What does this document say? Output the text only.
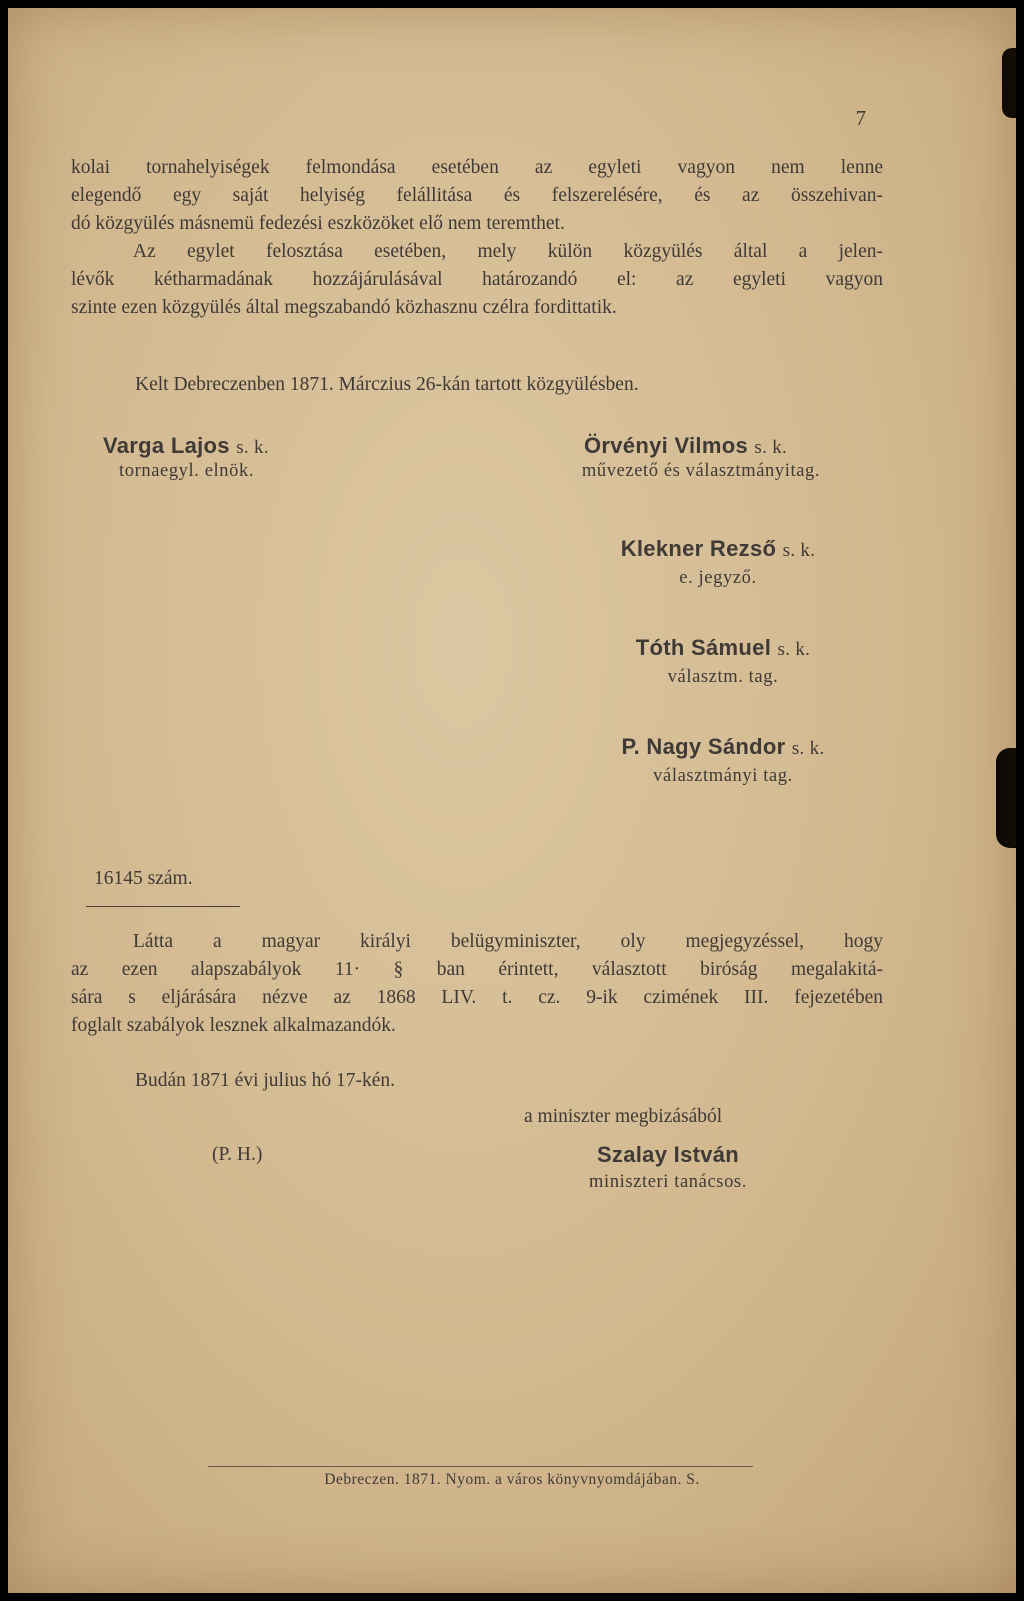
7

kolai tornahelyiségek felmondása esetében az egyleti vagyon nem lenne

elegendő egy saját helyiség felállitása és felszerelésére, és az összehivan-

dó közgyülés másnemü fedezési eszközöket elő nem teremthet.

Az egylet felosztása esetében, mely külön közgyülés által a jelen-

lévők kétharmadának hozzájárulásával határozandó el: az egyleti vagyon

szinte ezen közgyülés által megszabandó közhasznu czélra fordittatik.

Kelt Debreczenben 1871. Márczius 26-kán tartott közgyülésben.
Varga Lajos s. k.
tornaegyl. elnök.
Örvényi Vilmos s. k.
művezető és választmányitag.
Klekner Rezső s. k.
e. jegyző.
Tóth Sámuel s. k.
választm. tag.
P. Nagy Sándor s. k.
választmányi tag.
16145 szám.

Látta a magyar királyi belügyminiszter, oly megjegyzéssel, hogy

az ezen alapszabályok 11· § ban érintett, választott biróság megalakitá-

sára s eljárására nézve az 1868 LIV. t. cz. 9-ik czimének III. fejezetében

foglalt szabályok lesznek alkalmazandók.

Budán 1871 évi julius hó 17-kén.
a miniszter megbizásából
(P. H.)	Szalay István
miniszteri tanácsos.
Debreczen. 1871. Nyom. a város könyvnyomdájában. S.
